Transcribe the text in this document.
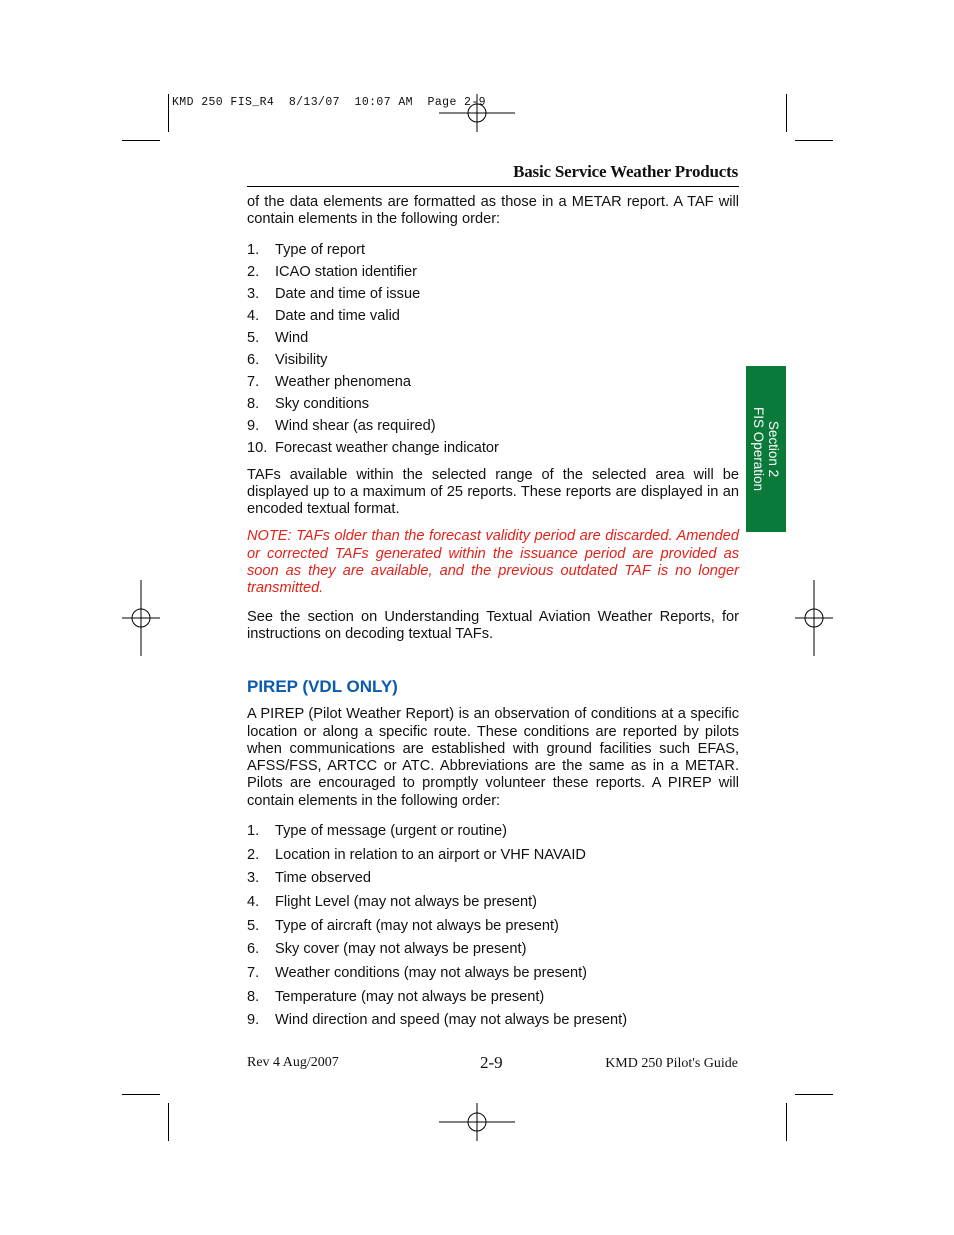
KMD 250 FIS_R4  8/13/07  10:07 AM  Page 2-9
Basic Service Weather Products
Section 2
FIS Operation

of the data elements are formatted as those in a METAR report. A TAF will contain elements in the following order:

1. Type of report
2. ICAO station identifier
3. Date and time of issue
4. Date and time valid
5. Wind
6. Visibility
7. Weather phenomena
8. Sky conditions
9. Wind shear (as required)
10. Forecast weather change indicator

TAFs available within the selected range of the selected area will be displayed up to a maximum of 25 reports. These reports are displayed in an encoded textual format.

NOTE: TAFs older than the forecast validity period are discarded. Amended or corrected TAFs generated within the issuance period are provided as soon as they are available, and the previous outdated TAF is no longer transmitted.

See the section on Understanding Textual Aviation Weather Reports, for instructions on decoding textual TAFs.

PIREP (VDL ONLY)

A PIREP (Pilot Weather Report) is an observation of conditions at a specific location or along a specific route. These conditions are reported by pilots when communications are established with ground facilities such EFAS, AFSS/FSS, ARTCC or ATC. Abbreviations are the same as in a METAR. Pilots are encouraged to promptly volunteer these reports. A PIREP will contain elements in the following order:

1. Type of message (urgent or routine)
2. Location in relation to an airport or VHF NAVAID
3. Time observed
4. Flight Level (may not always be present)
5. Type of aircraft (may not always be present)
6. Sky cover (may not always be present)
7. Weather conditions (may not always be present)
8. Temperature (may not always be present)
9. Wind direction and speed (may not always be present)
Rev 4 Aug/2007	2-9	KMD 250 Pilot's Guide
